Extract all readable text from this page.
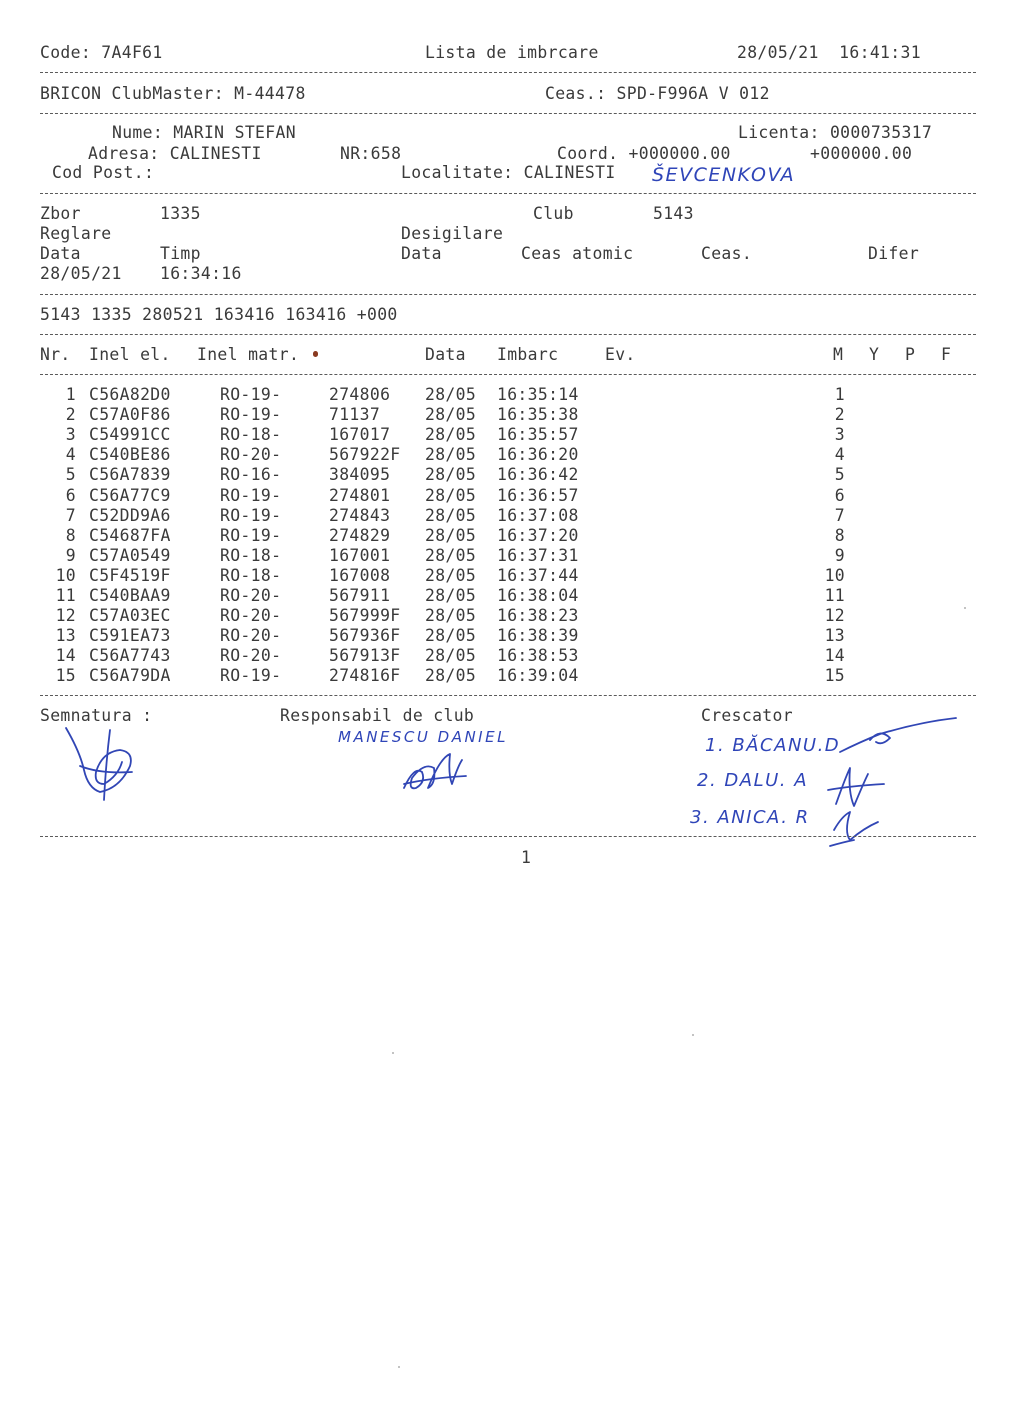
Code: 7A4F61	Lista de imbrcare	28/05/21  16:41:31
BRICON ClubMaster: M-44478	Ceas.: SPD-F996A V 012
Nume: MARIN STEFAN	Licenta: 0000735317
Adresa: CALINESTI	NR:658	Coord. +000000.00	+000000.00
Cod Post.:	Localitate: CALINESTI ŠEVCENKOVA
Zbor	1335	Club	5143
Reglare	Desigilare
Data	Timp	Data	Ceas atomic	Ceas.	Difer
28/05/21 16:34:16
5143 1335 280521 163416 163416 +000
Nr. Inel el. Inel matr.	Data Imbarc	Ev.	M Y P F
1 C56A82D0	RO-19-	274806 28/05 16:35:14	1
2 C57A0F86	RO-19-	71137	28/05 16:35:38	2
3 C54991CC	RO-18-	167017 28/05 16:35:57	3
4 C540BE86	RO-20-	567922F 28/05 16:36:20	4
5 C56A7839	RO-16-	384095 28/05 16:36:42	5
6 C56A77C9	RO-19-	274801 28/05 16:36:57	6
7 C52DD9A6	RO-19-	274843 28/05 16:37:08	7
8 C54687FA	RO-19-	274829 28/05 16:37:20	8
9 C57A0549	RO-18-	167001 28/05 16:37:31	9
10 C5F4519F	RO-18-	167008 28/05 16:37:44	10
11 C540BAA9	RO-20-	567911 28/05 16:38:04	11
12 C57A03EC	RO-20-	567999F 28/05 16:38:23	12
13 C591EA73	RO-20-	567936F 28/05 16:38:39	13
14 C56A7743	RO-20-	567913F 28/05 16:38:53	14
15 C56A79DA	RO-19-	274816F 28/05 16:39:04	15
Semnatura :	Responsabil de club	Crescator
MANESCU DANIEL	1. BĂCANU.D
2. DALU. A
3. ANICA. R
1
